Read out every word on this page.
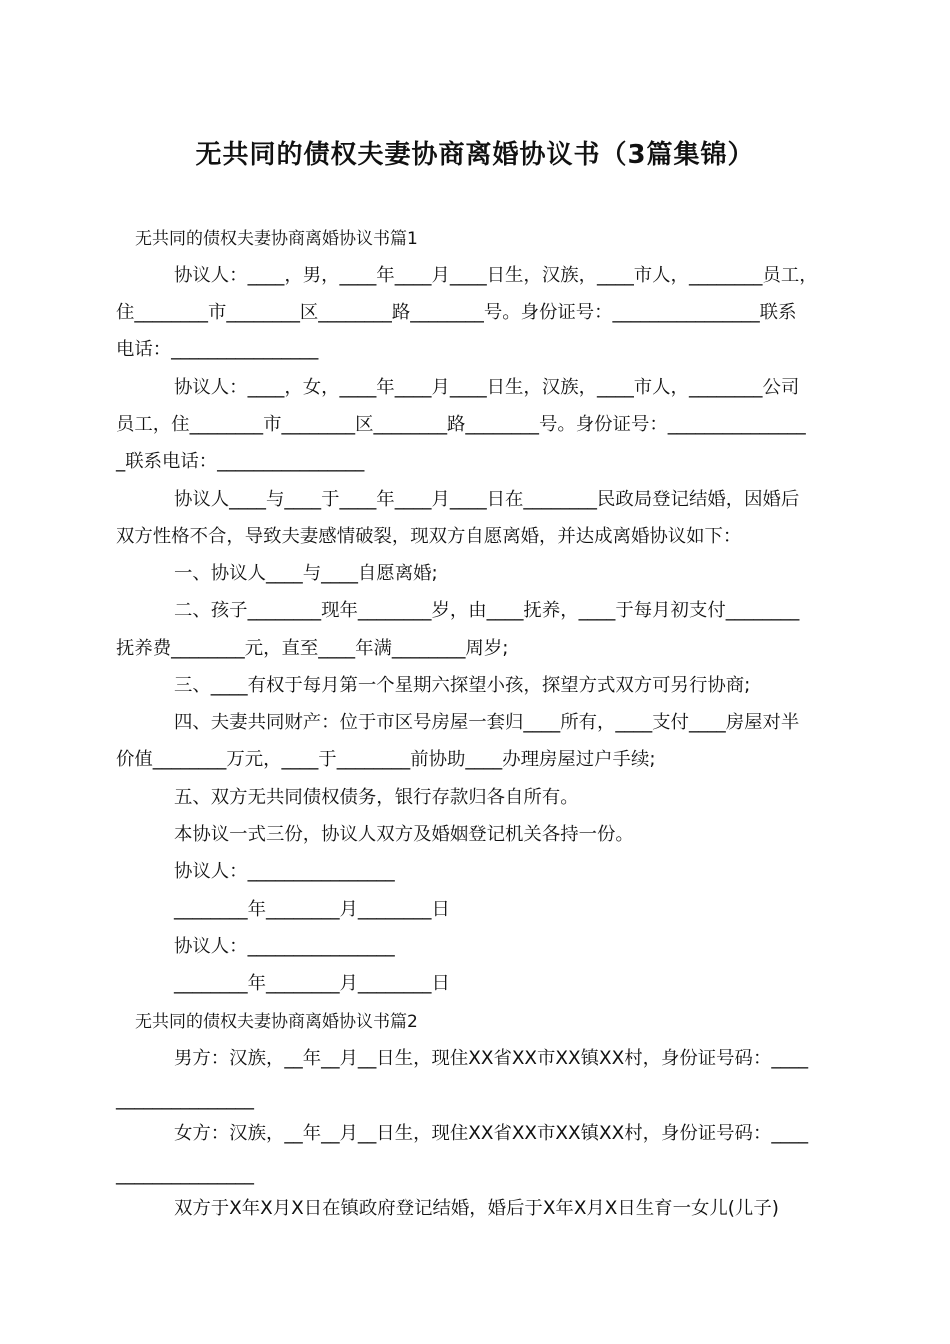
无共同的债权夫妻协商离婚协议书（3篇集锦）
无共同的债权夫妻协商离婚协议书篇1
协议人：____，男，____年____月____日生，汉族，____市人，________员工，
住________市________区________路________号。身份证号：________________联系
电话：________________
协议人：____，女，____年____月____日生，汉族，____市人，________公司
员工，住________市________区________路________号。身份证号：_______________
_联系电话：________________
协议人____与____于____年____月____日在________民政局登记结婚，因婚后
双方性格不合，导致夫妻感情破裂，现双方自愿离婚，并达成离婚协议如下：
一、协议人____与____自愿离婚;
二、孩子________现年________岁，由____抚养，____于每月初支付________
抚养费________元，直至____年满________周岁;
三、____有权于每月第一个星期六探望小孩，探望方式双方可另行协商;
四、夫妻共同财产：位于市区号房屋一套归____所有，____支付____房屋对半
价值________万元，____于________前协助____办理房屋过户手续;
五、双方无共同债权债务，银行存款归各自所有。
本协议一式三份，协议人双方及婚姻登记机关各持一份。
协议人：________________
________年________月________日
协议人：________________
________年________月________日
无共同的债权夫妻协商离婚协议书篇2
男方：汉族，__年__月__日生，现住XX省XX市XX镇XX村，身份证号码：____
_______________
女方：汉族，__年__月__日生，现住XX省XX市XX镇XX村，身份证号码：____
_______________
双方于X年X月X日在镇政府登记结婚，婚后于X年X月X日生育一女儿(儿子)
